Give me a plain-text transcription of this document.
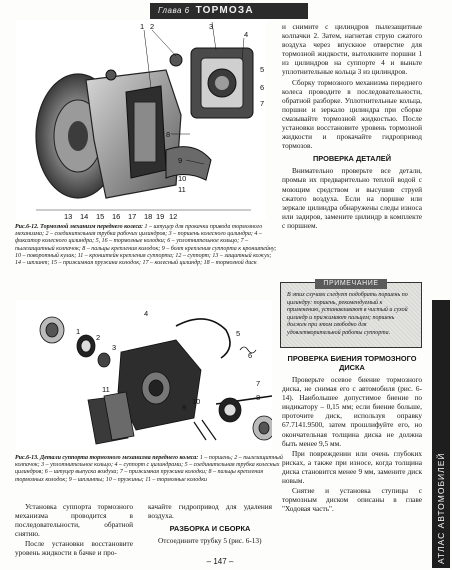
Глава 6 ТОРМОЗА
1 2	3
4
5
6
7
8
9
10
11
12
13 14 15 16 17 18 19
Рис.6-12. Тормозной механизм переднего колеса: 1 – штуцер для прокачки привода тормозного механизма; 2 – соединительная трубка рабочих цилиндров; 3 – поршень колесного цилиндра; 4 – фиксатор колесного цилиндра; 5, 16 – тормозные колодки; 6 – уплотнительное кольцо; 7 – пылезащитный колпачок; 8 – пальцы крепления колодок; 9 – болт крепления суппорта к кронштейну; 10 – поворотный кулак; 11 – кронштейн крепления суппорта; 12 – суппорт; 13 – защитный кожух; 14 – шплинт; 15 – прижимная пружина колодок; 17 – колесный цилиндр; 18 – тормозной диск
1
2
3
4
5
6
7
8
9
10
11
Рис.6-13. Детали суппорта тормозного механизма переднего колеса: 1 – поршень; 2 – пылезащитный колпачок; 3 – уплотнительное кольцо; 4 – суппорт с цилиндрами; 5 – соединительная трубка колесных цилиндров; 6 – штуцер выпуска воздуха; 7 – прижимная пружина колодки; 8 – пальцы крепления тормозных колодок; 9 – шплинты; 10 – пружины; 11 – тормозные колодки

Установка суппорта тормозного механизма проводится в последовательности, обратной снятию.

После установки восстановите уровень жидкости в бачке и про-

качайте гидропривод для удаления воздуха.

РАЗБОРКА И СБОРКА

Отсоедините трубку 5 (рис. 6-13)

и снимите с цилиндров пылезащитные колпачки 2. Затем, нагнетая струю сжатого воздуха через впускное отверстие для тормозной жидкости, вытолкните поршни 1 из цилиндров на суппорте 4 и выньте уплотнительные кольца 3 из цилиндров.

Сборку тормозного механизма переднего колеса проводите в последовательности, обратной разборке. Уплотнительные кольца, поршни и зеркало цилиндра при сборке смазывайте тормозной жидкостью. После установки восстановите уровень тормозной жидкости и прокачайте гидропривод тормозов.

ПРОВЕРКА ДЕТАЛЕЙ

Внимательно проверьте все детали, промыв их предварительно теплой водой с моющим средством и высушив струей сжатого воздуха. Если на поршне или зеркале цилиндра обнаружены следы износа или задиров, замените цилиндр в комплекте с поршнем.

ПРИМЕЧАНИЕ
В этих случаях следует подобрать поршень по цилиндру: поршень, рекомендуемый к применению, устанавливают в чистый и сухой цилиндр и прижимают пальцем; поршень должен при этом свободно для удовлетворительной работы суппорта.
ПРОВЕРКА БИЕНИЯ ТОРМОЗНОГО ДИСКА

Проверьте осевое биение тормозного диска, не снимая его с автомобиля (рис. 6-14). Наибольшее допустимое биение по индикатору – 0,15 мм; если биение больше, проточите диск, используя оправку 67.7141.9500, затем прошлифуйте его, но окончательная толщина диска не должна быть менее 9,5 мм.

При повреждении или очень глубоких рисках, а также при износе, когда толщина диска становится менее 9 мм, замените диск новым.

Снятие и установка ступицы с тормозным диском описаны в главе "Ходовая часть".	АТЛАС АВТОМОБИЛЕЙ
– 147 –
